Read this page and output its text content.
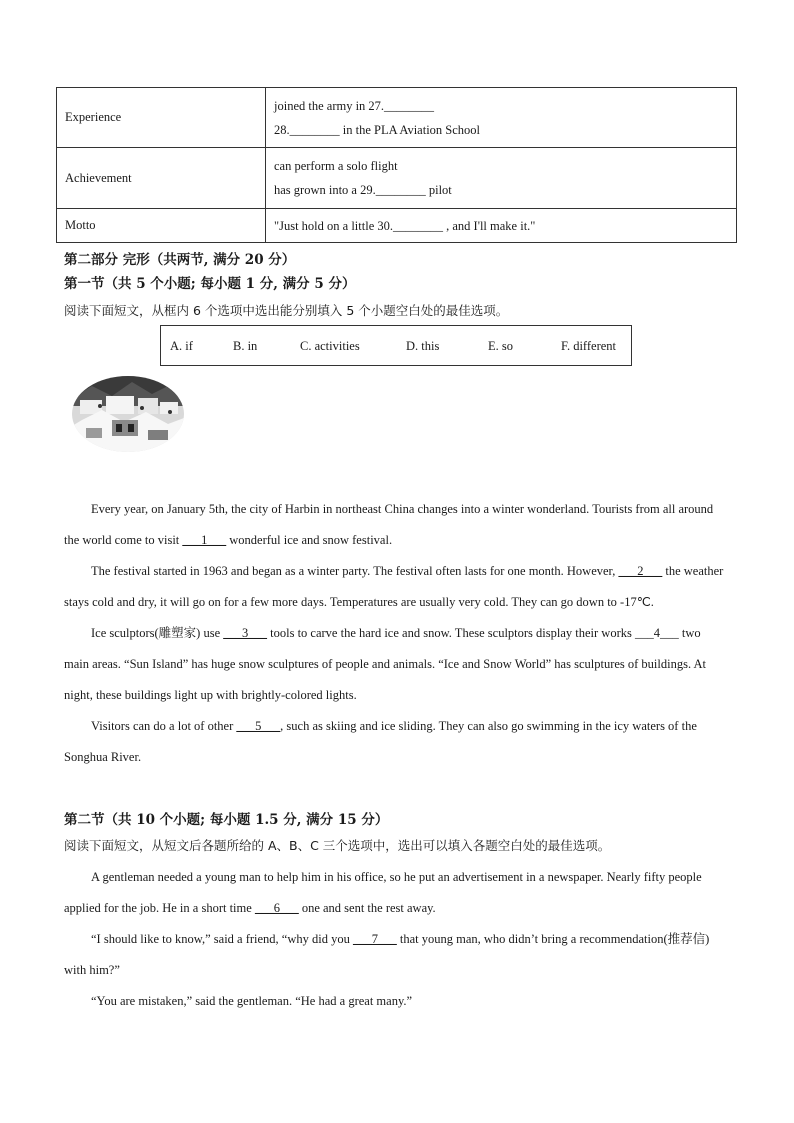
Experience	joined the army in 27.________
28.________ in the PLA Aviation School

Achievement	can perform a solo flight
has grown into a 29.________ pilot

Motto	"Just hold on a little 30.________ , and I'll make it."
第二部分 完形（共两节, 满分 20 分）
第一节（共 5 个小题; 每小题 1 分, 满分 5 分）
阅读下面短文，从框内 6 个选项中选出能分别填入 5 个小题空白处的最佳选项。
A. if	B. in	C. activities	D. this	E. so	F. different

Every year, on January 5th, the city of Harbin in northeast China changes into a winter wonderland. Tourists from all around the world come to visit ___1___ wonderful ice and snow festival.

The festival started in 1963 and began as a winter party. The festival often lasts for one month. However, ___2___ the weather stays cold and dry, it will go on for a few more days. Temperatures are usually very cold. They can go down to -17℃.

Ice sculptors(雕塑家) use ___3___ tools to carve the hard ice and snow. These sculptors display their works ___4___ two main areas. “Sun Island” has huge snow sculptures of people and animals. “Ice and Snow World” has sculptures of buildings. At night, these buildings light up with brightly-colored lights.

Visitors can do a lot of other ___5___, such as skiing and ice sliding. They can also go swimming in the icy waters of the Songhua River.

第二节（共 10 个小题; 每小题 1.5 分, 满分 15 分）
阅读下面短文，从短文后各题所给的 A、B、C 三个选项中，选出可以填入各题空白处的最佳选项。

A gentleman needed a young man to help him in his office, so he put an advertisement in a newspaper. Nearly fifty people applied for the job. He in a short time ___6___ one and sent the rest away.

“I should like to know,” said a friend, “why did you ___7___ that young man, who didn’t bring a recommendation(推荐信) with him?”

“You are mistaken,” said the gentleman. “He had a great many.”
